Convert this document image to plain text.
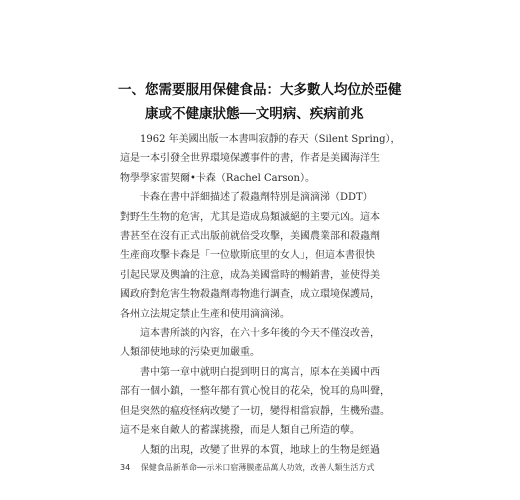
一、您需要服用保健食品：大多數人均位於亞健
康或不健康狀態──文明病、疾病前兆
1962 年美國出版一本書叫寂靜的春天（Silent Spring），
這是一本引發全世界環境保護事件的書，作者是美國海洋生
物學學家雷契爾•卡森（Rachel Carson）。
卡森在書中詳細描述了殺蟲劑特別是滴滴涕（DDT）
對野生生物的危害，尤其是造成鳥類滅絕的主要元凶。這本
書甚至在沒有正式出版前就倍受攻擊，美國農業部和殺蟲劑
生產商攻擊卡森是「一位歇斯底里的女人」，但這本書很快
引起民眾及輿論的注意，成為美國當時的暢銷書，並使得美
國政府對危害生物殺蟲劑毒物進行調查，成立環境保護局，
各州立法規定禁止生產和使用滴滴涕。
這本書所談的內容，在六十多年後的今天不僅沒改善，
人類卻使地球的污染更加嚴重。
書中第一章中就明白提到明日的寓言，原本在美國中西
部有一個小鎮，一整年都有賞心悅目的花朵，悅耳的鳥叫聲，
但是突然的瘟疫怪病改變了一切，變得相當寂靜，生機殆盡。
這不是來自敵人的蓄謀挑撥，而是人類自己所造的孽。
人類的出現，改變了世界的本質，地球上的生物是經過
34 保健食品新革命──示米口宿薄膜產品萬人功效，改善人類生活方式
